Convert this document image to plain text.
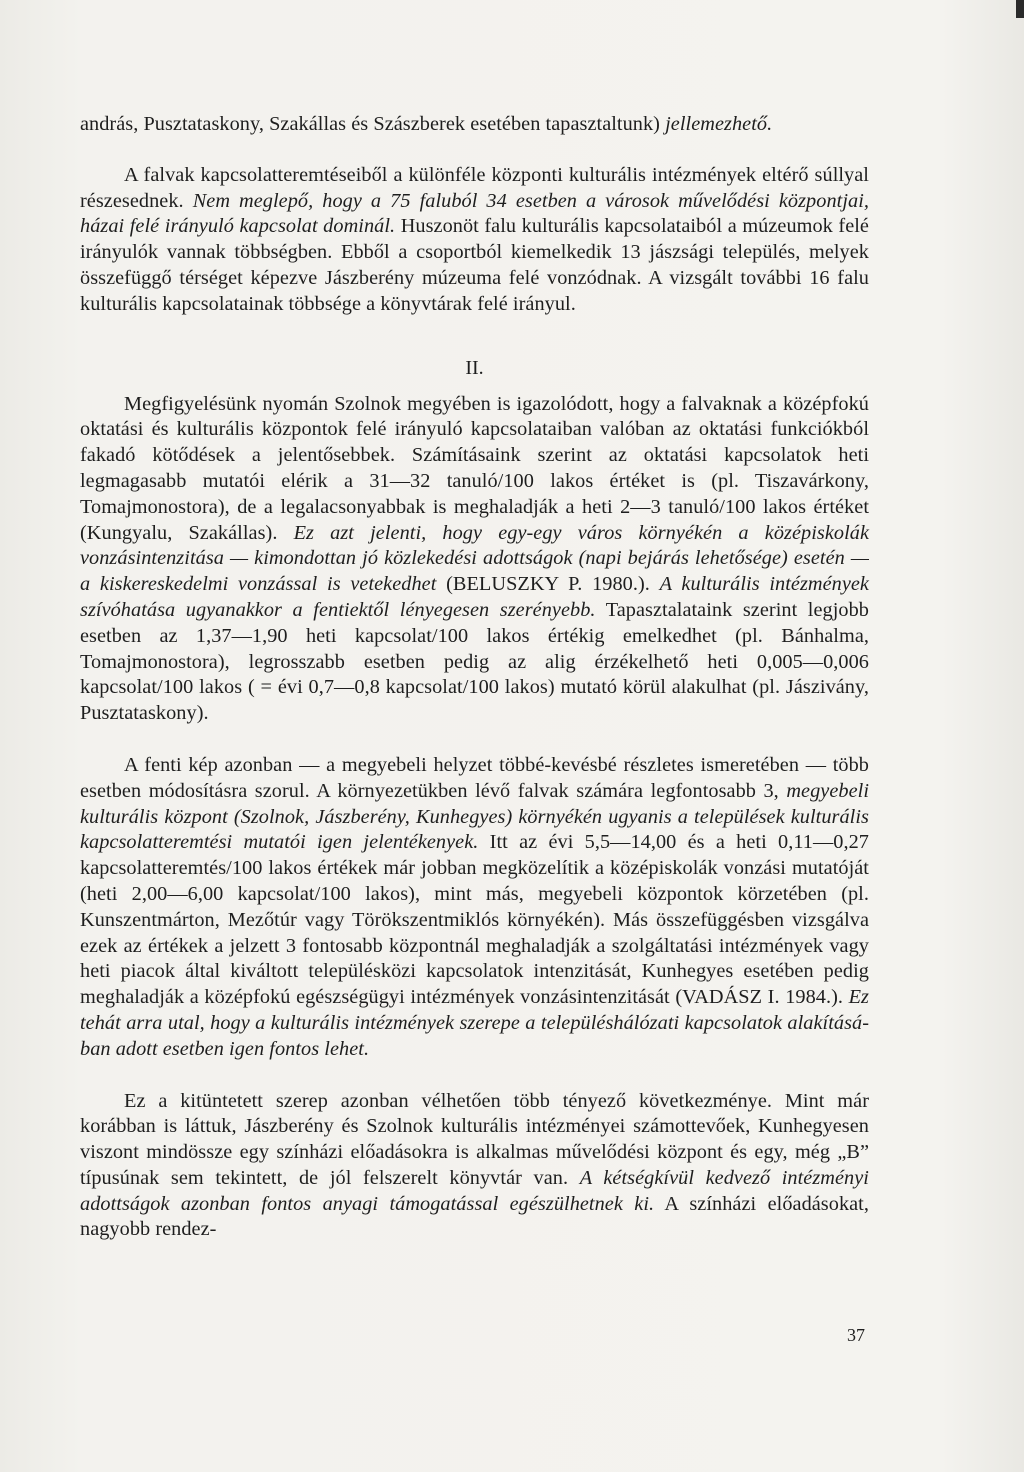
andrás, Pusztataskony, Szakállas és Szászberek esetében tapasztaltunk) jellemezhető.

A falvak kapcsolatteremtéseiből a különféle központi kulturális intézmények eltérő súllyal részesednek. Nem meglepő, hogy a 75 faluból 34 esetben a városok művelődési központjai, házai felé irányuló kapcsolat dominál. Huszonöt falu kulturális kapcsolataiból a múzeumok felé irányulók vannak többségben. Ebből a csoportból kiemelkedik 13 jászsági település, melyek összefüggő térséget képezve Jászberény múzeuma felé vonzódnak. A vizsgált további 16 falu kulturális kapcsolatainak többsége a könyvtárak felé irányul.

II.

Megfigyelésünk nyomán Szolnok megyében is igazolódott, hogy a falvaknak a középfokú oktatási és kulturális központok felé irányuló kapcsolataiban valóban az oktatási funkciókból fakadó kötődések a jelentősebbek. Számításaink szerint az oktatási kapcsolatok heti legmagasabb mutatói elérik a 31—32 tanuló/100 lakos értéket is (pl. Tiszavárkony, Tomajmonostora), de a legalacsonyabbak is meghaladják a heti 2—3 tanuló/100 lakos értéket (Kungyalu, Szakállas). Ez azt jelenti, hogy egy-egy város környékén a középiskolák vonzásintenzitása — kimondottan jó közlekedési adottságok (napi bejárás lehetősége) esetén — a kiskereskedelmi vonzással is vetekedhet (BELUSZKY P. 1980.). A kulturális intézmények szívóhatása ugyanakkor a fentiektől lényegesen szerényebb. Tapasztalataink szerint legjobb esetben az 1,37—1,90 heti kapcsolat/100 lakos értékig emelkedhet (pl. Bánhalma, Tomajmonostora), legrosszabb esetben pedig az alig érzékelhető heti 0,005—0,006 kapcsolat/100 lakos ( = évi 0,7—0,8 kapcsolat/100 lakos) mutató körül alakulhat (pl. Jászivány, Pusztataskony).

A fenti kép azonban — a megyebeli helyzet többé-kevésbé részletes ismeretében — több esetben módosításra szorul. A környezetükben lévő falvak számára legfontosabb 3, megyebeli kulturális központ (Szolnok, Jászberény, Kunhegyes) környékén ugyanis a települések kulturális kapcsolatteremtési mutatói igen jelentékenyek. Itt az évi 5,5—14,00 és a heti 0,11—0,27 kapcsolatteremtés/100 lakos értékek már jobban megközelítik a középiskolák vonzási mutatóját (heti 2,00—6,00 kapcsolat/100 lakos), mint más, megyebeli központok körzetében (pl. Kunszentmárton, Mezőtúr vagy Törökszentmiklós környékén). Más összefüggésben vizsgálva ezek az értékek a jelzett 3 fontosabb központnál meghaladják a szolgáltatási intézmények vagy heti piacok által kiváltott településközi kapcsolatok intenzitását, Kunhegyes esetében pedig meghaladják a középfokú egészségügyi intézmények vonzásintenzitását (VADÁSZ I. 1984.). Ez tehát arra utal, hogy a kulturális intézmények szerepe a településhálózati kapcsolatok alakításában adott esetben igen fontos lehet.

Ez a kitüntetett szerep azonban vélhetően több tényező következménye. Mint már korábban is láttuk, Jászberény és Szolnok kulturális intézményei számottevőek, Kunhegyesen viszont mindössze egy színházi előadásokra is alkalmas művelődési központ és egy, még „B” típusúnak sem tekintett, de jól felszerelt könyvtár van. A kétségkívül kedvező intézményi adottságok azonban fontos anyagi támogatással egészülhetnek ki. A színházi előadásokat, nagyobb rendez-

37
